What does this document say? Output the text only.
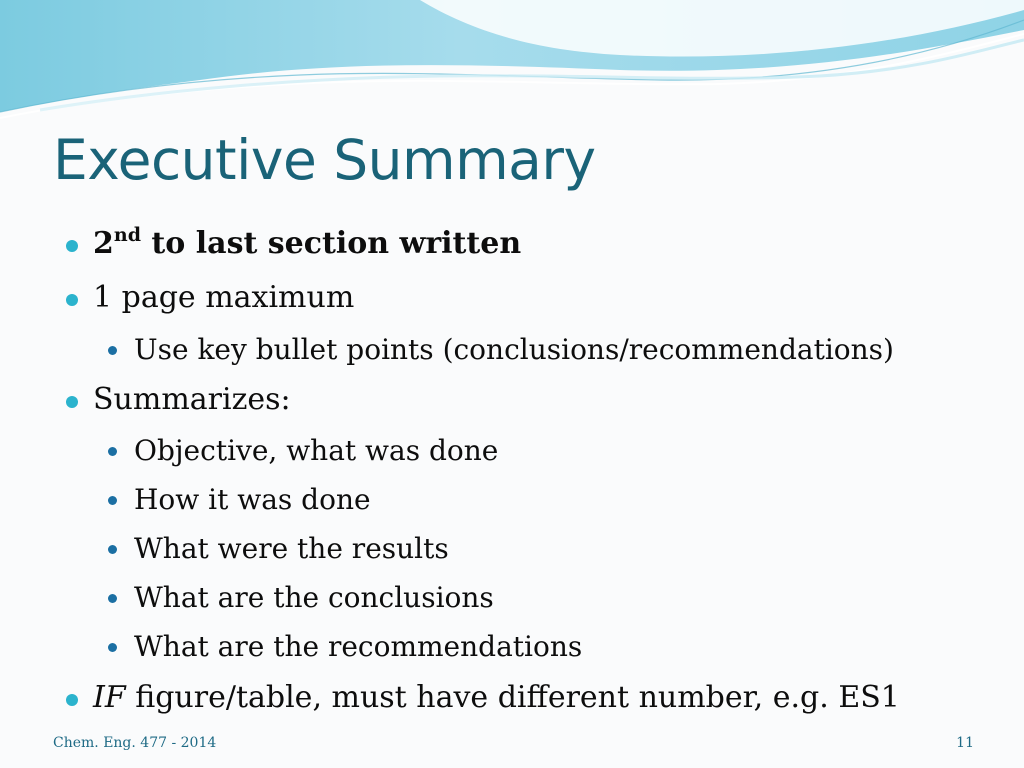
Executive Summary
2nd to last section written
1 page maximum
Use key bullet points (conclusions/recommendations)
Summarizes:
Objective, what was done
How it was done
What were the results
What are the conclusions
What are the recommendations
IF figure/table, must have different number, e.g. ES1
Chem. Eng. 477 - 2014	11
